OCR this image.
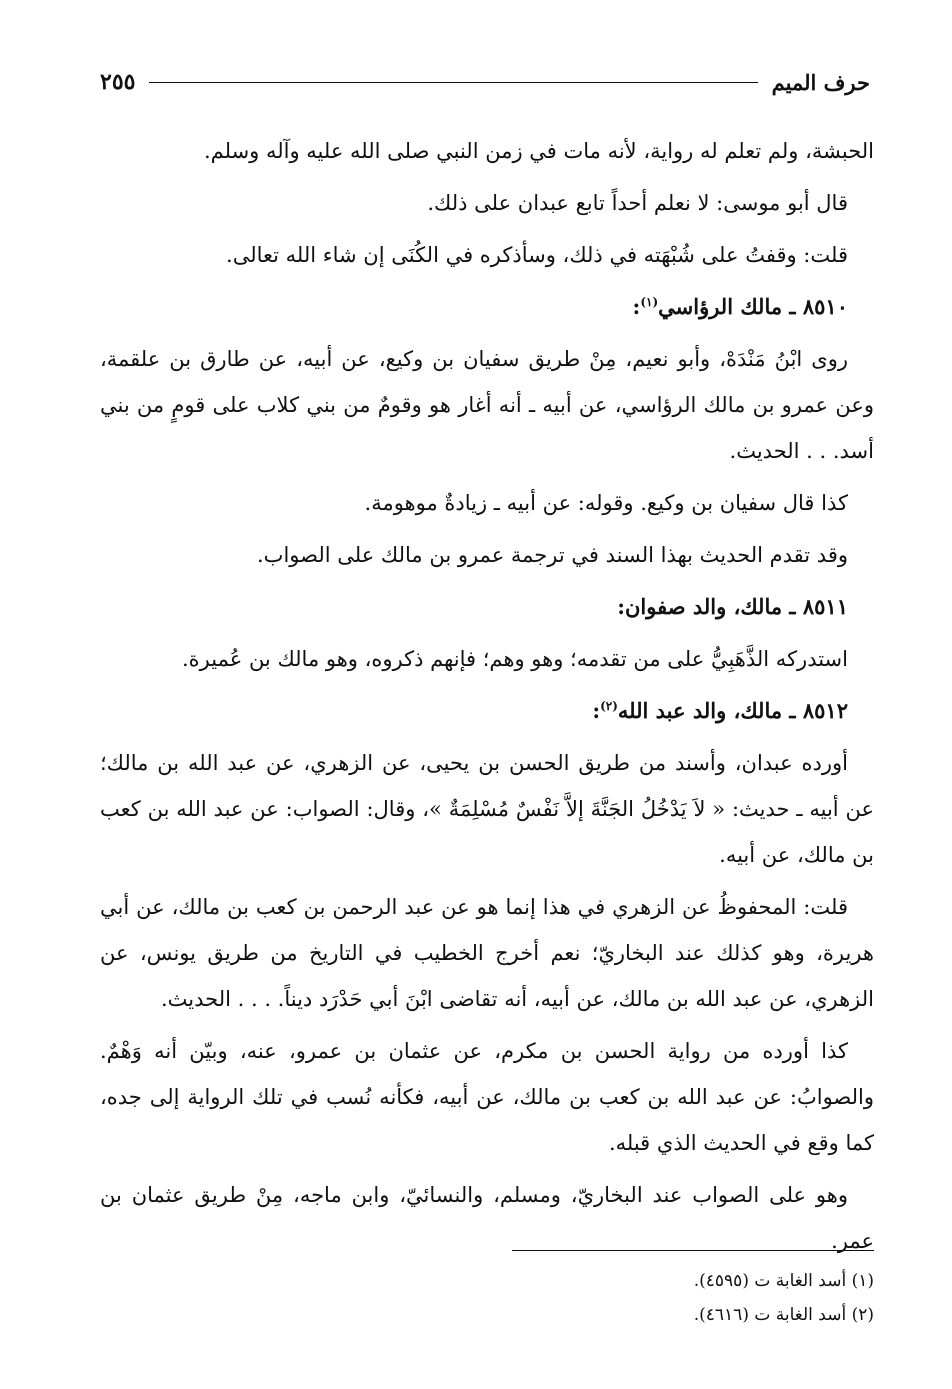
حرف الميم
٢٥٥

الحبشة، ولم تعلم له رواية، لأنه مات في زمن النبي صلى الله عليه وآله وسلم.

قال أبو موسى: لا نعلم أحداً تابع عبدان على ذلك.

قلت: وقفتُ على شُبْهَته في ذلك، وسأذكره في الكُنَى إن شاء الله تعالى.

٨٥١٠ ـ مالك الرؤاسي$^{(١)}$:

روى ابْنُ مَنْدَهْ، وأبو نعيم، مِنْ طريق سفيان بن وكيع، عن أبيه، عن طارق بن علقمة، وعن عمرو بن مالك الرؤاسي، عن أبيه ـ أنه أغار هو وقومٌ من بني كلاب على قومٍ من بني أسد. . . الحديث.

كذا قال سفيان بن وكيع. وقوله: عن أبيه ـ زيادةٌ موهومة.

وقد تقدم الحديث بهذا السند في ترجمة عمرو بن مالك على الصواب.

٨٥١١ ـ مالك، والد صفوان:

استدركه الذَّهَبِيُّ على من تقدمه؛ وهو وهم؛ فإنهم ذكروه، وهو مالك بن عُميرة.

٨٥١٢ ـ مالك، والد عبد الله$^{(٢)}$:

أورده عبدان، وأسند من طريق الحسن بن يحيى، عن الزهري، عن عبد الله بن مالك؛ عن أبيه ـ حديث: « لاَ يَدْخُلُ الجَنَّةَ إلاَّ نَفْسٌ مُسْلِمَةٌ »، وقال: الصواب: عن عبد الله بن كعب بن مالك، عن أبيه.

قلت: المحفوظُ عن الزهري في هذا إنما هو عن عبد الرحمن بن كعب بن مالك، عن أبي هريرة، وهو كذلك عند البخاريّ؛ نعم أخرج الخطيب في التاريخ من طريق يونس، عن الزهري، عن عبد الله بن مالك، عن أبيه، أنه تقاضى ابْنَ أبي حَدْرَد ديناً. . . . الحديث.

كذا أورده من رواية الحسن بن مكرم، عن عثمان بن عمرو، عنه، وبيّن أنه وَهْمٌ. والصوابُ: عن عبد الله بن كعب بن مالك، عن أبيه، فكأنه نُسب في تلك الرواية إلى جده، كما وقع في الحديث الذي قبله.

وهو على الصواب عند البخاريّ، ومسلم، والنسائيّ، وابن ماجه، مِنْ طريق عثمان بن عمر.

(١) أسد الغابة ت (٤٥٩٥).
(٢) أسد الغابة ت (٤٦١٦).
